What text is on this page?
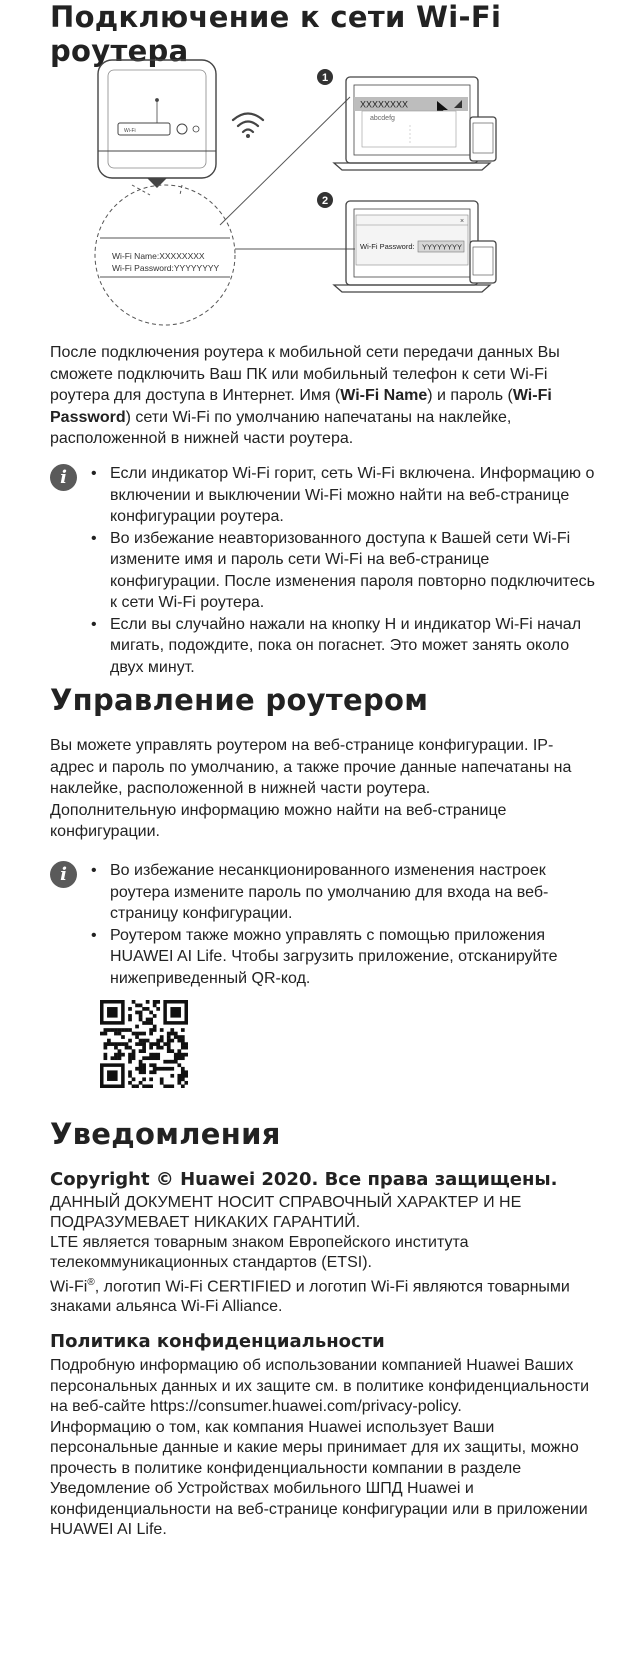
Подключение к сети Wi-Fi роутера
Wi-Fi
Wi-Fi Name:XXXXXXXX
Wi-Fi Password:YYYYYYYY
1
XXXXXXXX
abcdefg
2
×
Wi-Fi Password: YYYYYYYY

После подключения роутера к мобильной сети передачи данных Вы сможете подключить Ваш ПК или мобильный телефон к сети Wi-Fi роутера для доступа в Интернет. Имя (Wi-Fi Name) и пароль (Wi-Fi Password) сети Wi-Fi по умолчанию напечатаны на наклейке, расположенной в нижней части роутера.

i	• Если индикатор Wi-Fi горит, сеть Wi-Fi включена. Информацию о включении и выключении Wi-Fi можно найти на веб-странице конфигурации роутера.
• Во избежание неавторизованного доступа к Вашей сети Wi-Fi измените имя и пароль сети Wi-Fi на веб-странице конфигурации. После изменения пароля повторно подключитесь к сети Wi-Fi роутера.
• Если вы случайно нажали на кнопку H и индикатор Wi-Fi начал мигать, подождите, пока он погаснет. Это может занять около двух минут.
Управление роутером

Вы можете управлять роутером на веб-странице конфигурации. IP-адрес и пароль по умолчанию, а также прочие данные напечатаны на наклейке, расположенной в нижней части роутера.
Дополнительную информацию можно найти на веб-странице конфигурации.

i	• Во избежание несанкционированного изменения настроек роутера измените пароль по умолчанию для входа на веб-страницу конфигурации.
• Роутером также можно управлять с помощью приложения HUAWEI AI Life. Чтобы загрузить приложение, отсканируйте нижеприведенный QR-код.
Уведомления

Copyright © Huawei 2020. Все права защищены.

ДАННЫЙ ДОКУМЕНТ НОСИТ СПРАВОЧНЫЙ ХАРАКТЕР И НЕ ПОДРАЗУМЕВАЕТ НИКАКИХ ГАРАНТИЙ.
LTE является товарным знаком Европейского института телекоммуникационных стандартов (ETSI).
Wi-Fi®, логотип Wi-Fi CERTIFIED и логотип Wi-Fi являются товарными знаками альянса Wi-Fi Alliance.

Политика конфиденциальности

Подробную информацию об использовании компанией Huawei Ваших персональных данных и их защите см. в политике конфиденциальности на веб-сайте https://consumer.huawei.com/privacy-policy.
Информацию о том, как компания Huawei использует Ваши персональные данные и какие меры принимает для их защиты, можно прочесть в политике конфиденциальности компании в разделе Уведомление об Устройствах мобильного ШПД Huawei и конфиденциальности на веб-странице конфигурации или в приложении HUAWEI AI Life.
